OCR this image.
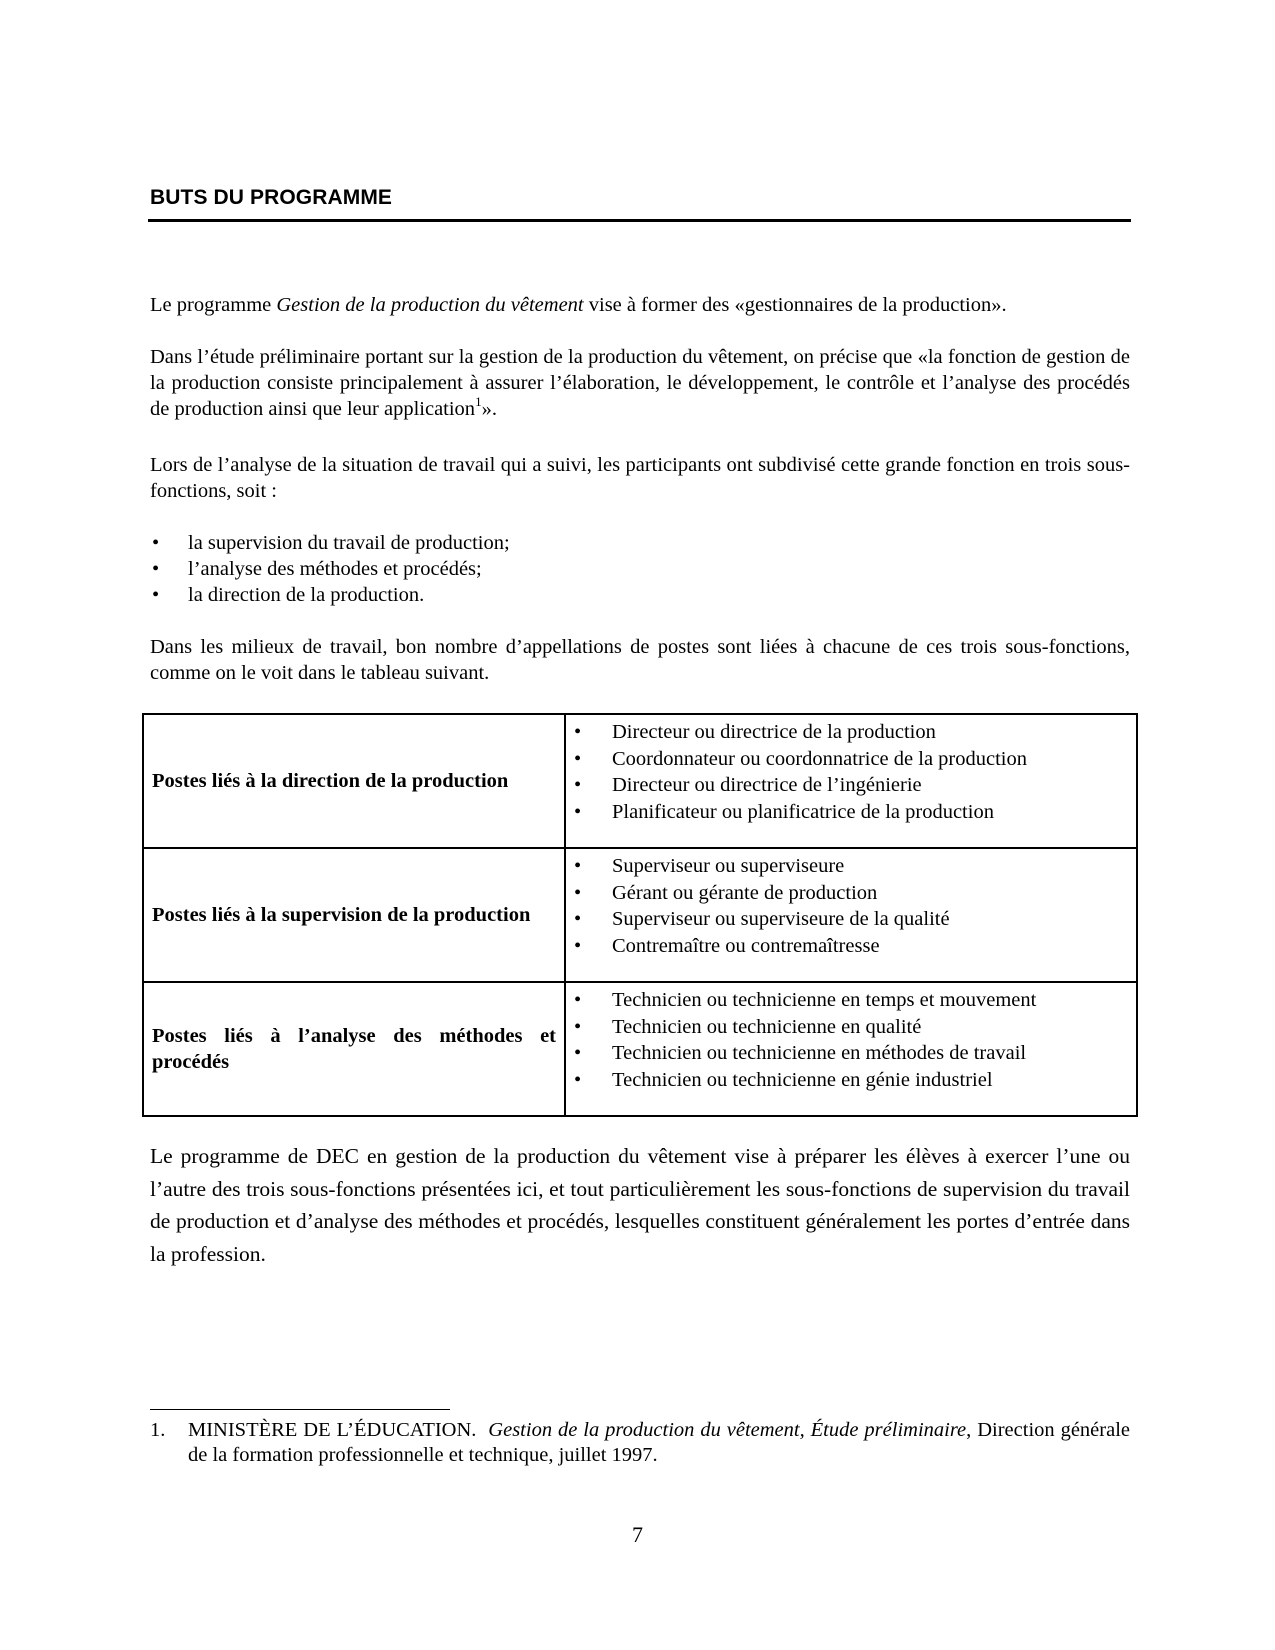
BUTS DU PROGRAMME

Le programme Gestion de la production du vêtement vise à former des «gestionnaires de la production».

Dans l’étude préliminaire portant sur la gestion de la production du vêtement, on précise que «la fonction de gestion de la production consiste principalement à assurer l’élaboration, le développement, le contrôle et l’analyse des procédés de production ainsi que leur application$^1$».

Lors de l’analyse de la situation de travail qui a suivi, les participants ont subdivisé cette grande fonction en trois sous-fonctions, soit :

• la supervision du travail de production;
• l’analyse des méthodes et procédés;
• la direction de la production.

Dans les milieux de travail, bon nombre d’appellations de postes sont liées à chacune de ces trois sous-fonctions, comme on le voit dans le tableau suivant.

Postes liés à la direction de la production	
• Directeur ou directrice de la production
• Coordonnateur ou coordonnatrice de la production
• Directeur ou directrice de l’ingénierie
• Planificateur ou planificatrice de la production

Postes liés à la supervision de la production	
• Superviseur ou superviseure
• Gérant ou gérante de production
• Superviseur ou superviseure de la qualité
• Contremaître ou contremaîtresse

Postes liés à l’analyse des méthodes et procédés	
• Technicien ou technicienne en temps et mouvement
• Technicien ou technicienne en qualité
• Technicien ou technicienne en méthodes de travail
• Technicien ou technicienne en génie industriel

Le programme de DEC en gestion de la production du vêtement vise à préparer les élèves à exercer l’une ou l’autre des trois sous-fonctions présentées ici, et tout particulièrement les sous-fonctions de supervision du travail de production et d’analyse des méthodes et procédés, lesquelles constituent généralement les portes d’entrée dans la profession.

1. MINISTÈRE DE L’ÉDUCATION. Gestion de la production du vêtement, Étude préliminaire, Direction générale de la formation professionnelle et technique, juillet 1997.
7
